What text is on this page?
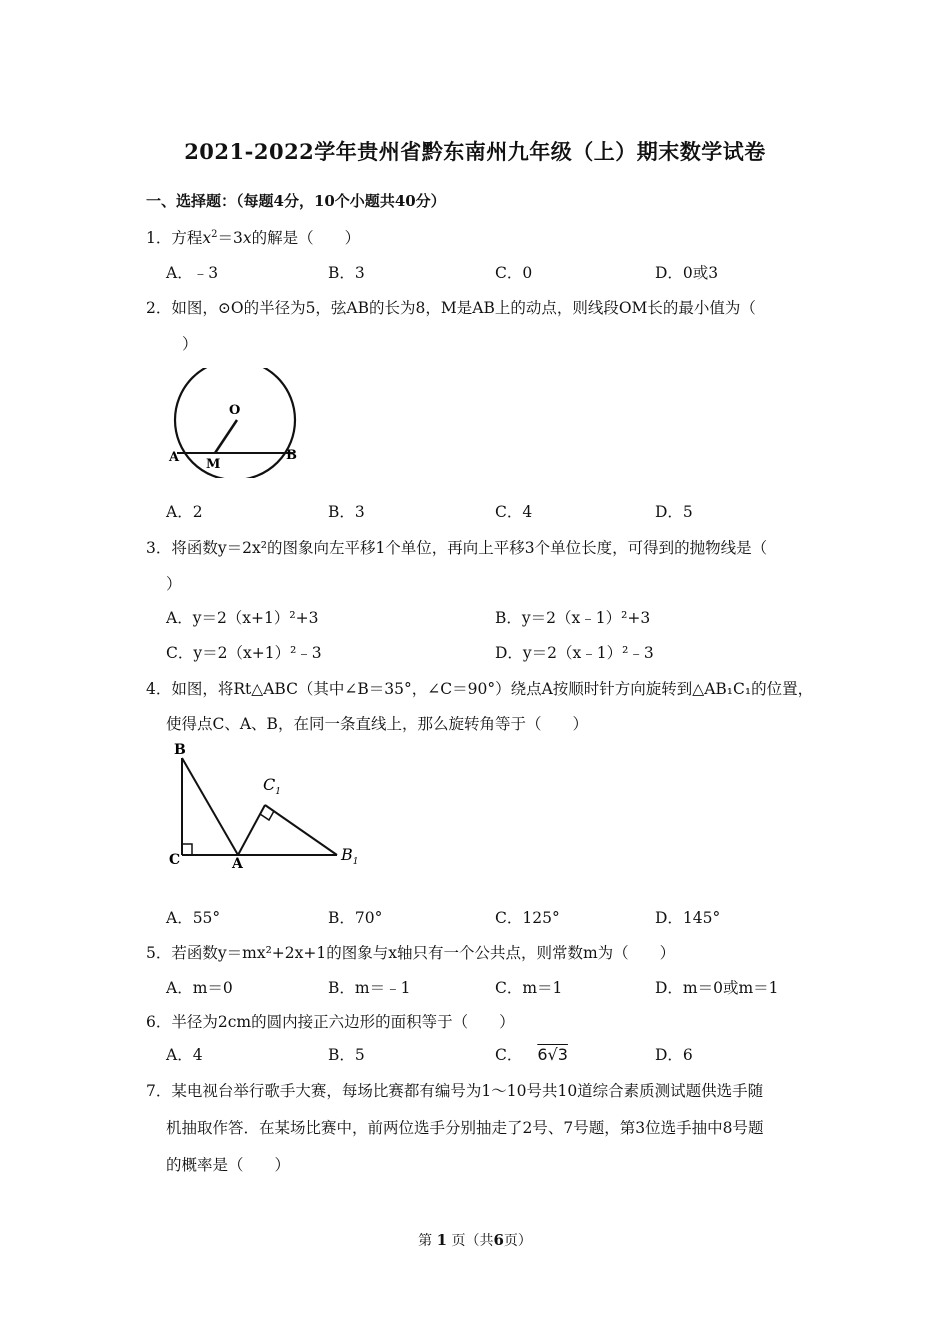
2021-2022学年贵州省黔东南州九年级（上）期末数学试卷
一、选择题：（每题4分，10个小题共40分）
1．方程$x^2=3x$的解是（　　）
A．﹣3	B．3	C．0	D．0或3
2．如图，⊙O的半径为5，弦AB的长为8，M是AB上的动点，则线段OM长的最小值为（
）
O
A M
B
A．2	B．3	C．4	D．5
3．将函数y＝2x²的图象向左平移1个单位，再向上平移3个单位长度，可得到的抛物线是（
）
A．y＝2（x+1）²+3	B．y＝2（x﹣1）²+3
C．y＝2（x+1）²﹣3	D．y＝2（x﹣1）²﹣3
4．如图，将Rt△ABC（其中∠B＝35°，∠C＝90°）绕点A按顺时针方向旋转到△AB₁C₁的位置，
使得点C、A、B，在同一条直线上，那么旋转角等于（　　）
B
C	A
$C_1$
$B_1$
A．55°	B．70°	C．125°	D．145°
5．若函数y＝mx²+2x+1的图象与x轴只有一个公共点，则常数m为（　　）
A．m＝0	B．m＝﹣1	C．m＝1	D．m＝0或m＝1
6．半径为2cm的圆内接正六边形的面积等于（　　）
A．4	B．5	C． 6√3	D．6
7．某电视台举行歌手大赛，每场比赛都有编号为1～10号共10道综合素质测试题供选手随
机抽取作答．在某场比赛中，前两位选手分别抽走了2号、7号题，第3位选手抽中8号题
的概率是（　　）
第 1 页（共6页）
